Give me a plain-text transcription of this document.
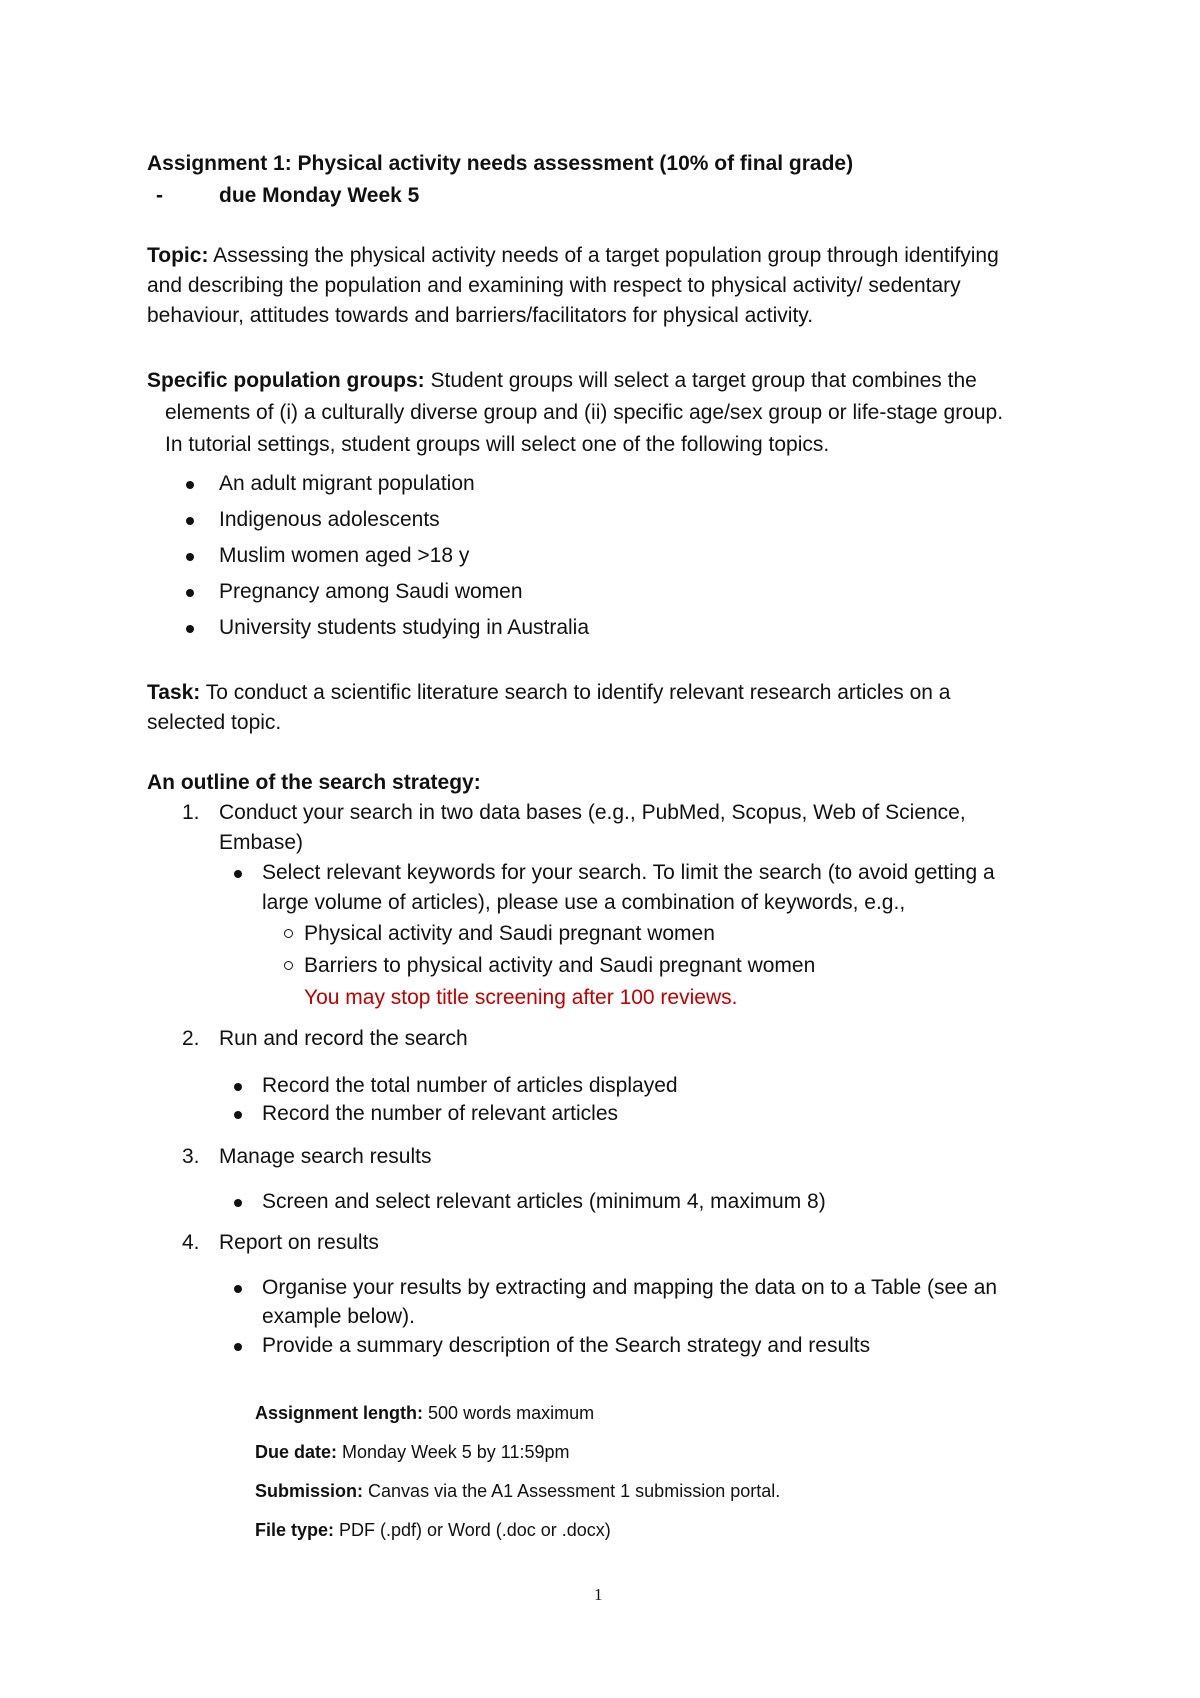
Assignment 1: Physical activity needs assessment (10% of final grade)
-	due Monday Week 5
Topic: Assessing the physical activity needs of a target population group through identifying
and describing the population and examining with respect to physical activity/ sedentary
behaviour, attitudes towards and barriers/facilitators for physical activity.
Specific population groups: Student groups will select a target group that combines the
elements of (i) a culturally diverse group and (ii) specific age/sex group or life-stage group.
In tutorial settings, student groups will select one of the following topics.
An adult migrant population
Indigenous adolescents
Muslim women aged >18 y
Pregnancy among Saudi women
University students studying in Australia
Task: To conduct a scientific literature search to identify relevant research articles on a
selected topic.
An outline of the search strategy:
1. Conduct your search in two data bases (e.g., PubMed, Scopus, Web of Science,
Embase)
Select relevant keywords for your search. To limit the search (to avoid getting a
large volume of articles), please use a combination of keywords, e.g.,
Physical activity and Saudi pregnant women
Barriers to physical activity and Saudi pregnant women
You may stop title screening after 100 reviews.
2. Run and record the search
Record the total number of articles displayed
Record the number of relevant articles
3. Manage search results
Screen and select relevant articles (minimum 4, maximum 8)
4. Report on results
Organise your results by extracting and mapping the data on to a Table (see an
example below).
Provide a summary description of the Search strategy and results
Assignment length: 500 words maximum
Due date: Monday Week 5 by 11:59pm
Submission: Canvas via the A1 Assessment 1 submission portal.
File type: PDF (.pdf) or Word (.doc or .docx)
1
